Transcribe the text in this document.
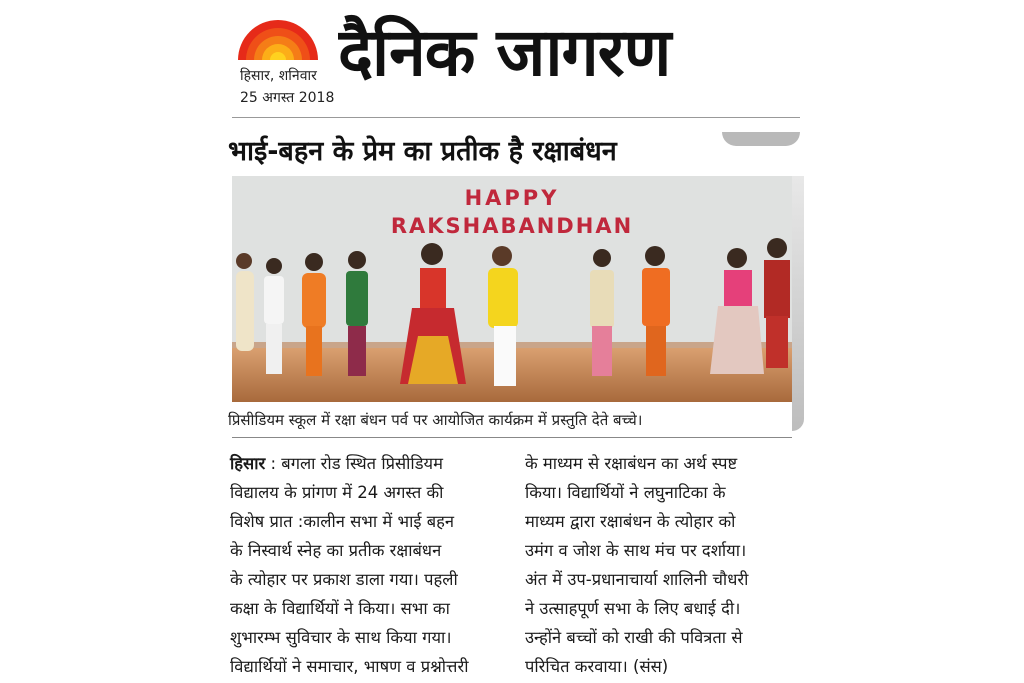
दैनिक जागरण
हिसार, शनिवार
25 अगस्त 2018
भाई-बहन के प्रेम का प्रतीक है रक्षाबंधन
HAPPY
RAKSHABANDHAN
प्रिसीडियम स्कूल में रक्षा बंधन पर्व पर आयोजित कार्यक्रम में प्रस्तुति देते बच्चे।
हिसार : बगला रोड स्थित प्रिसीडियम
विद्यालय के प्रांगण में 24 अगस्त की
विशेष प्रात :कालीन सभा में भाई बहन
के निस्वार्थ स्नेह का प्रतीक रक्षाबंधन
के त्योहार पर प्रकाश डाला गया। पहली
कक्षा के विद्यार्थियों ने किया। सभा का
शुभारम्भ सुविचार के साथ किया गया।
विद्यार्थियों ने समाचार, भाषण व प्रश्नोत्तरी
के माध्यम से रक्षाबंधन का अर्थ स्पष्ट
किया। विद्यार्थियों ने लघुनाटिका के
माध्यम द्वारा रक्षाबंधन के त्योहार को
उमंग व जोश के साथ मंच पर दर्शाया।
अंत में उप-प्रधानाचार्या शालिनी चौधरी
ने उत्साहपूर्ण सभा के लिए बधाई दी।
उन्होंने बच्चों को राखी की पवित्रता से
परिचित करवाया। (संस)
